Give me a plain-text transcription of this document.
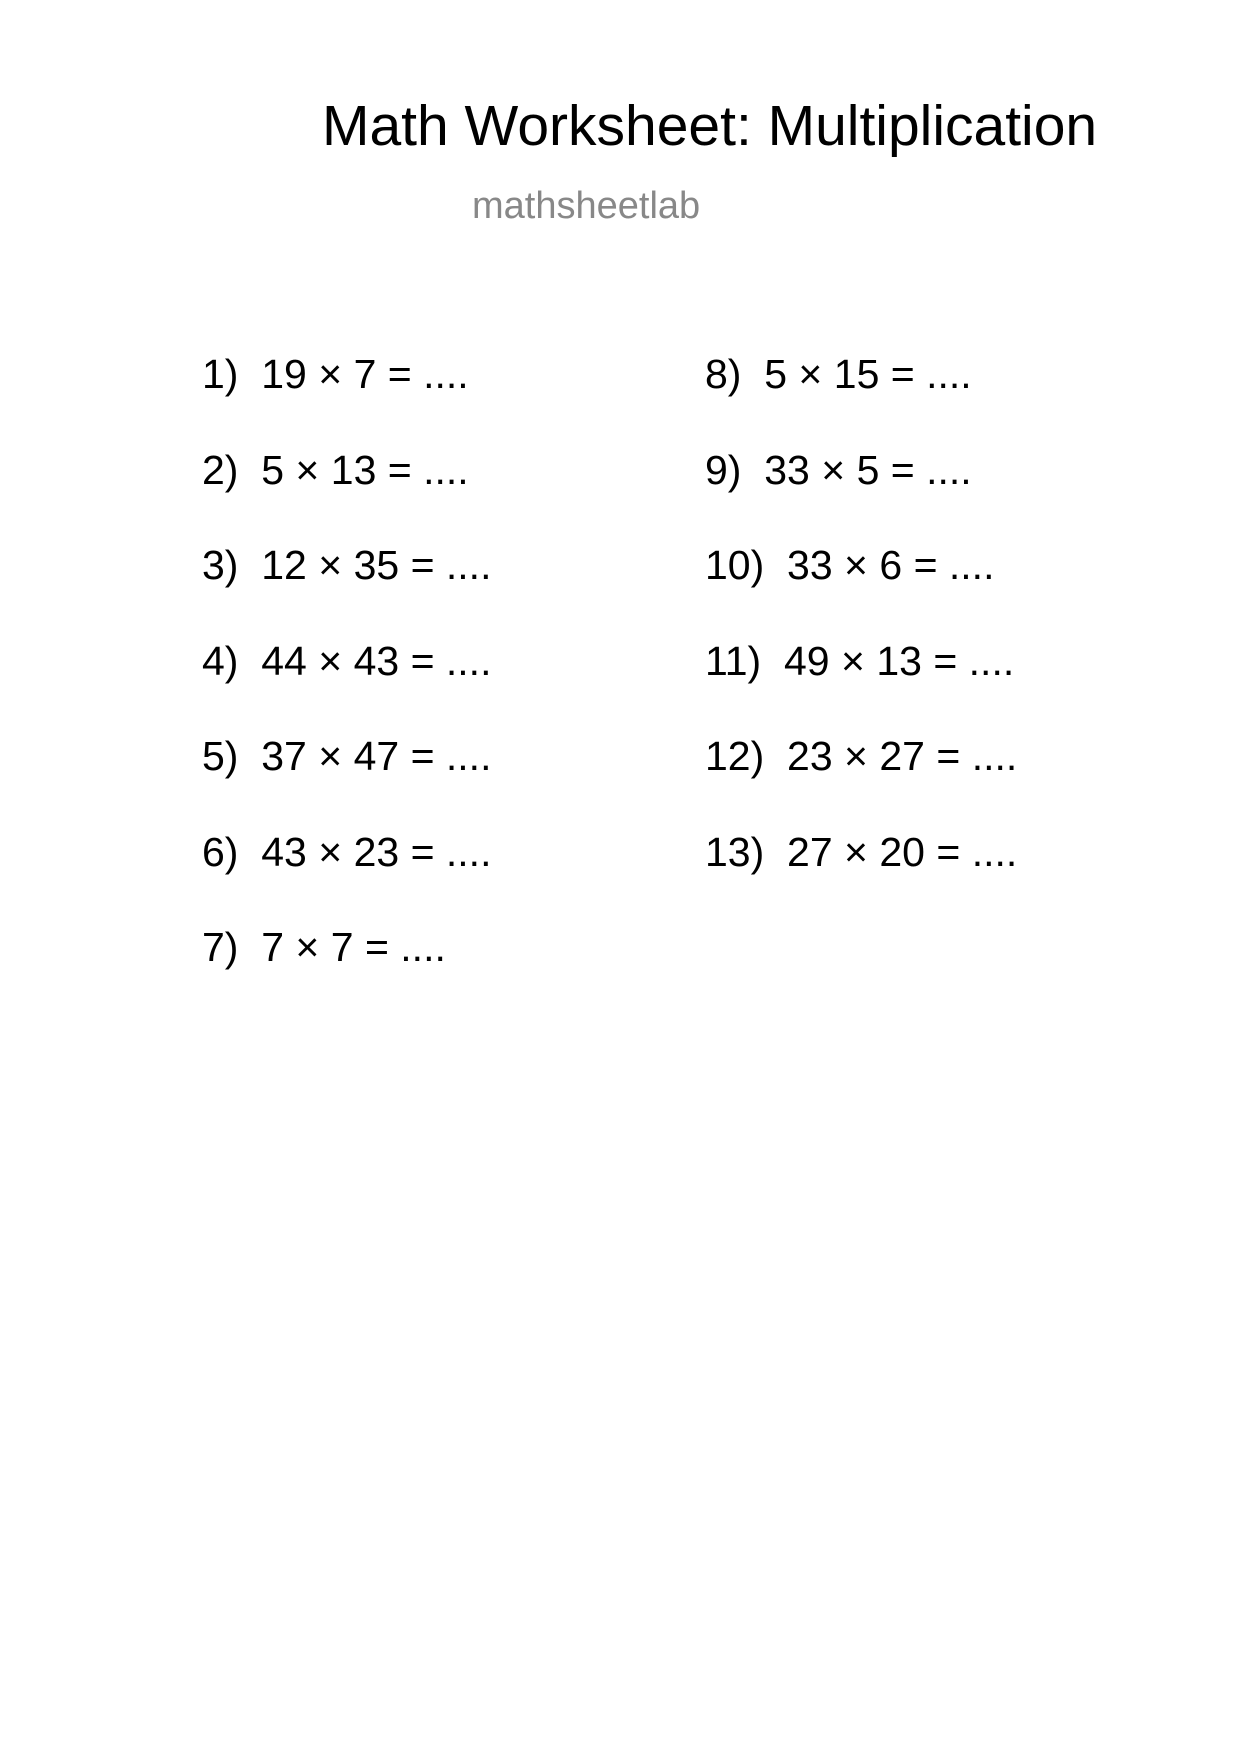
Math Worksheet: Multiplication
mathsheetlab
1)  19 × 7 = ....
2)  5 × 13 = ....
3)  12 × 35 = ....
4)  44 × 43 = ....
5)  37 × 47 = ....
6)  43 × 23 = ....
7)  7 × 7 = ....
8)  5 × 15 = ....
9)  33 × 5 = ....
10)  33 × 6 = ....
11)  49 × 13 = ....
12)  23 × 27 = ....
13)  27 × 20 = ....
